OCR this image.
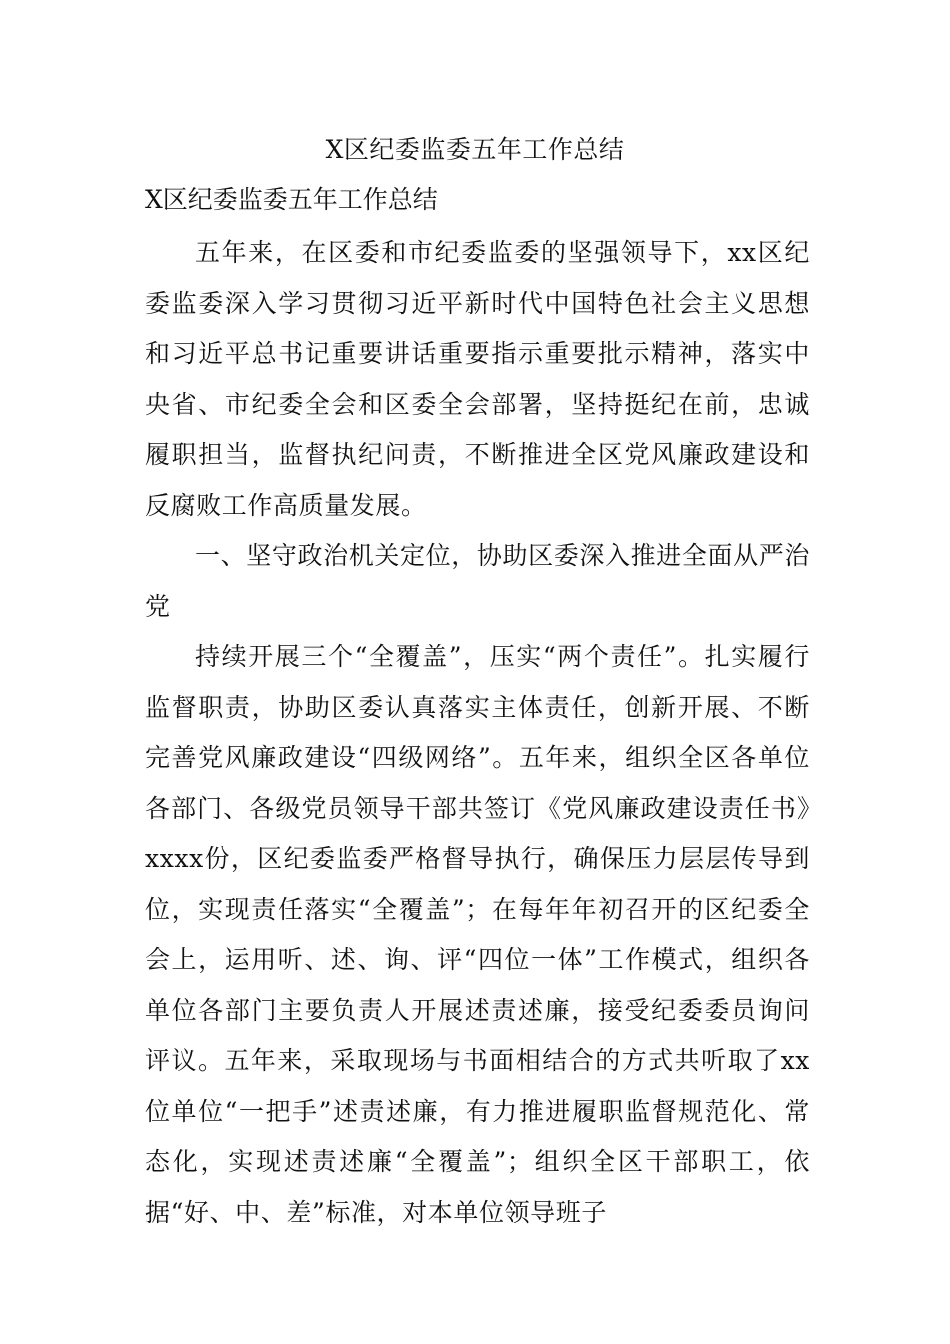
X区纪委监委五年工作总结
X区纪委监委五年工作总结

五年来，在区委和市纪委监委的坚强领导下，xx区纪委监委深入学习贯彻习近平新时代中国特色社会主义思想和习近平总书记重要讲话重要指示重要批示精神，落实中央省、市纪委全会和区委全会部署，坚持挺纪在前，忠诚履职担当，监督执纪问责，不断推进全区党风廉政建设和反腐败工作高质量发展。

一、坚守政治机关定位，协助区委深入推进全面从严治党

持续开展三个“全覆盖”，压实“两个责任”。扎实履行监督职责，协助区委认真落实主体责任，创新开展、不断完善党风廉政建设“四级网络”。五年来，组织全区各单位各部门、各级党员领导干部共签订《党风廉政建设责任书》xxxx份，区纪委监委严格督导执行，确保压力层层传导到位，实现责任落实“全覆盖”；在每年年初召开的区纪委全会上，运用听、述、询、评“四位一体”工作模式，组织各单位各部门主要负责人开展述责述廉，接受纪委委员询问评议。五年来，采取现场与书面相结合的方式共听取了xx位单位“一把手”述责述廉，有力推进履职监督规范化、常态化，实现述责述廉“全覆盖”；组织全区干部职工，依据“好、中、差”标准，对本单位领导班子
